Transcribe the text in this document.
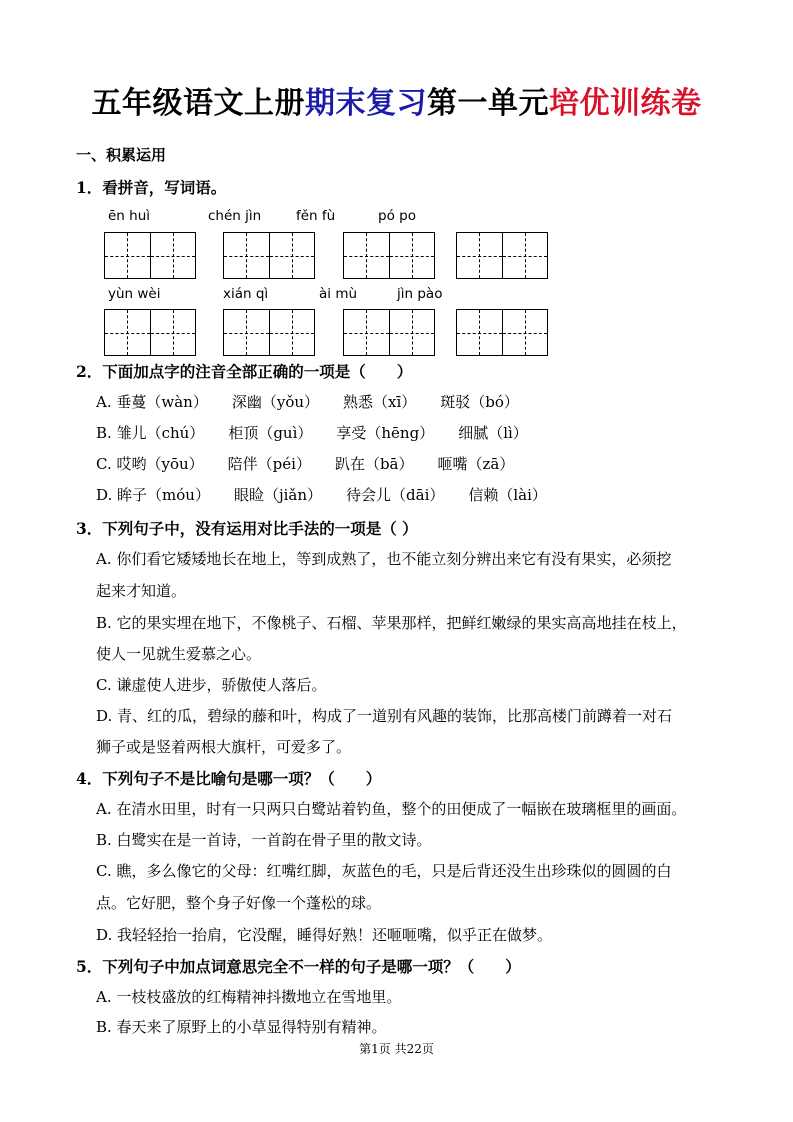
五年级语文上册期末复习第一单元培优训练卷
一、积累运用
1．看拼音，写词语。
ēn huì	chén jìn	fěn fù	pó po
yùn wèi	xián qì	ài mù	jìn pào
2．下面加点字的注音全部正确的一项是（　　）
A. 垂蔓（wàn） 深幽（yǒu） 熟悉（xī） 斑驳（bó）
B. 雏儿（chú） 柜顶（guì） 享受（hēng） 细腻（lì）
C. 哎哟（yōu） 陪伴（péi） 趴在（bā） 咂嘴（zā）
D. 眸子（móu） 眼睑（jiǎn） 待会儿（dāi） 信赖（lài）
3．下列句子中，没有运用对比手法的一项是（ ）
A. 你们看它矮矮地长在地上，等到成熟了，也不能立刻分辨出来它有没有果实，必须挖
起来才知道。
B. 它的果实埋在地下，不像桃子、石榴、苹果那样，把鲜红嫩绿的果实高高地挂在枝上，
使人一见就生爱慕之心。
C. 谦虚使人进步，骄傲使人落后。
D. 青、红的瓜，碧绿的藤和叶，构成了一道别有风趣的装饰，比那高楼门前蹲着一对石
狮子或是竖着两根大旗杆，可爱多了。
4．下列句子不是比喻句是哪一项？（　　）
A. 在清水田里，时有一只两只白鹭站着钓鱼，整个的田便成了一幅嵌在玻璃框里的画面。
B. 白鹭实在是一首诗，一首韵在骨子里的散文诗。
C. 瞧，多么像它的父母：红嘴红脚，灰蓝色的毛，只是后背还没生出珍珠似的圆圆的白
点。它好肥，整个身子好像一个蓬松的球。
D. 我轻轻抬一抬肩，它没醒，睡得好熟！还咂咂嘴，似乎正在做梦。
5．下列句子中加点词意思完全不一样的句子是哪一项？（　　）
A. 一枝枝盛放的红梅精神抖擞地立在雪地里。
B. 春天来了原野上的小草显得特别有精神。
第1页 共22页
